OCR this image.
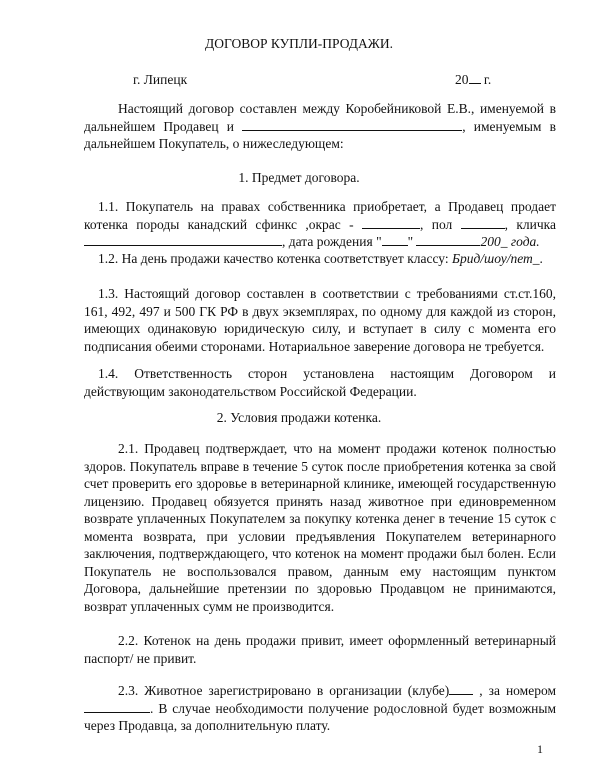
ДОГОВОР КУПЛИ-ПРОДАЖИ.
г. Липецк	20 г.
Настоящий договор составлен между Коробейниковой Е.В., именуемой в дальнейшем Продавец и	, именуемым в дальнейшем Покупатель, о нижеследующем:
1. Предмет договора.
1.1. Покупатель на правах собственника приобретает, а Продавец продает котенка породы канадский сфинкс ,окрас -	, пол	, кличка , дата рождения " "	200_ года.
1.2. На день продажи качество котенка соответствует классу: Брид/шоу/пет_.
1.3. Настоящий договор составлен в соответствии с требованиями ст.ст.160, 161, 492, 497 и 500 ГК РФ в двух экземплярах, по одному для каждой из сторон, имеющих одинаковую юридическую силу, и вступает в силу с момента его подписания обеими сторонами. Нотариальное заверение договора не требуется.
1.4. Ответственность сторон установлена настоящим Договором и действующим законодательством Российской Федерации.
2. Условия продажи котенка.
2.1. Продавец подтверждает, что на момент продажи котенок полностью здоров. Покупатель вправе в течение 5 суток после приобретения котенка за свой счет проверить его здоровье в ветеринарной клинике, имеющей государственную лицензию. Продавец обязуется принять назад животное при единовременном возврате уплаченных Покупателем за покупку котенка денег в течение 15 суток с момента возврата, при условии предъявления Покупателем ветеринарного заключения, подтверждающего, что котенок на момент продажи был болен. Если Покупатель не воспользовался правом, данным ему настоящим пунктом Договора, дальнейшие претензии по здоровью Продавцом не принимаются, возврат уплаченных сумм не производится.
2.2. Котенок на день продажи привит, имеет оформленный ветеринарный паспорт/ не привит.
2.3. Животное зарегистрировано в организации (клубе) , за номером . В случае необходимости получение родословной будет возможным через Продавца, за дополнительную плату.
1
